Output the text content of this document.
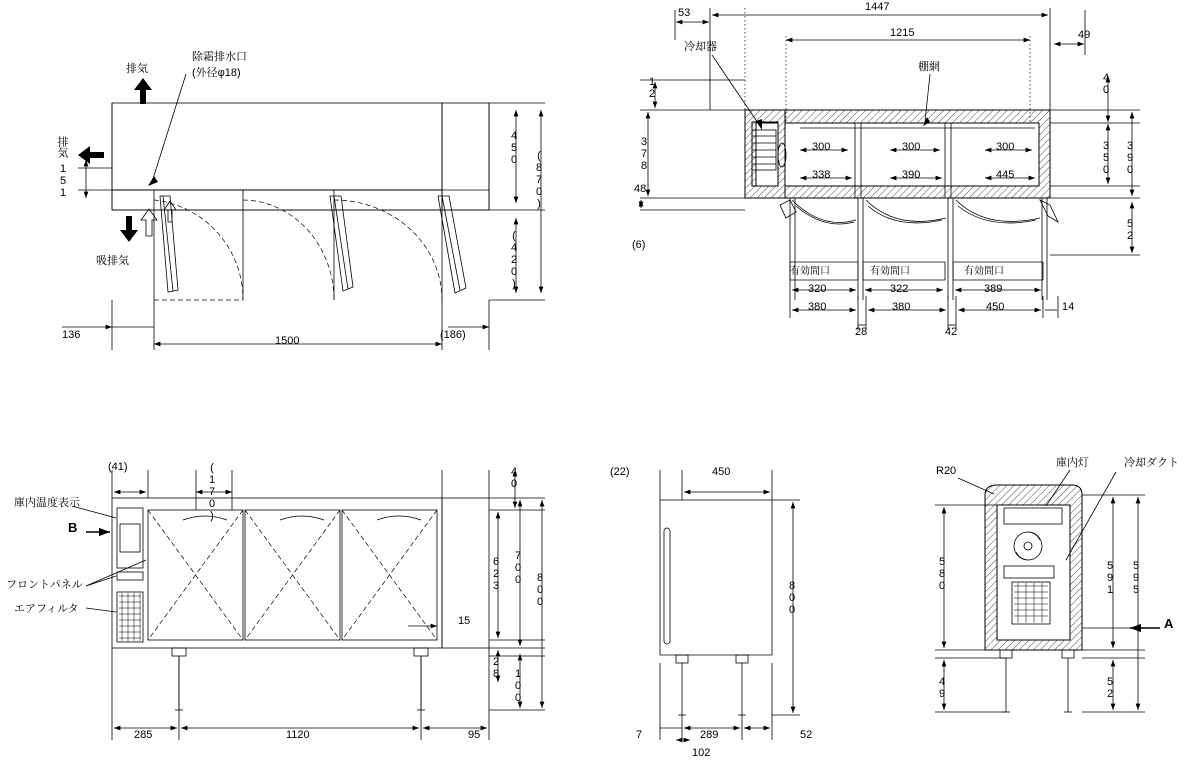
排気
除霜排水口
(外径φ18)
排気
吸排気
450
(870)
(420)
151
136	1500	(186)
冷却器
棚網
有効間口	有効間口	有効間口
53	1447
1215	49
12
378
48
(6)
300	300	300
338	390	445
40
350 390
52
320	322	389
380	380	450	14
28	42
庫内温度表示
B
フロントパネル
エアフィルタ
(41)	(170)	40
623 700
800
15
28 100
285	1120	95
(22)	450
800
7	289	52
102
R20
庫内灯	冷却ダクト
A
580	591 595
49	52
